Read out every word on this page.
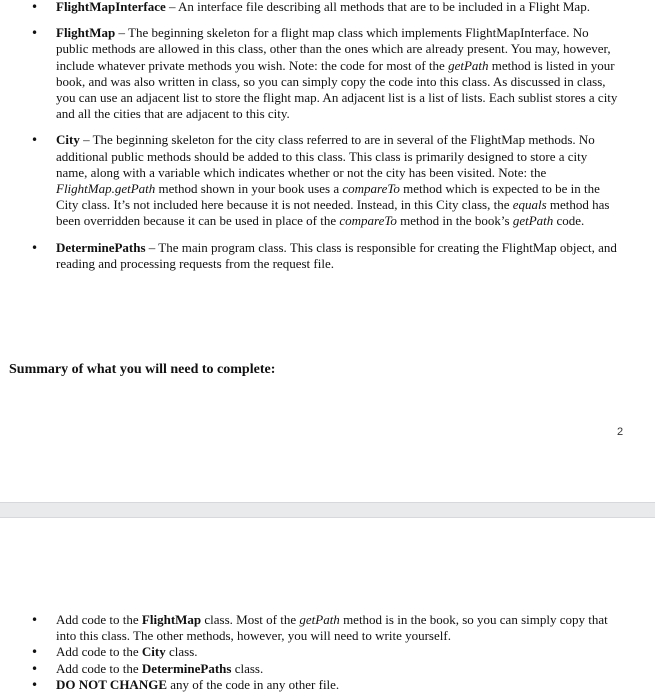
• FlightMapInterface – An interface file describing all methods that are to be included in a Flight Map.
• FlightMap – The beginning skeleton for a flight map class which implements FlightMapInterface. No public methods are allowed in this class, other than the ones which are already present. You may, however, include whatever private methods you wish. Note: the code for most of the getPath method is listed in your book, and was also written in class, so you can simply copy the code into this class. As discussed in class, you can use an adjacent list to store the flight map. An adjacent list is a list of lists. Each sublist stores a city and all the cities that are adjacent to this city.
• City – The beginning skeleton for the city class referred to are in several of the FlightMap methods. No additional public methods should be added to this class. This class is primarily designed to store a city name, along with a variable which indicates whether or not the city has been visited. Note: the FlightMap.getPath method shown in your book uses a compareTo method which is expected to be in the City class. It’s not included here because it is not needed. Instead, in this City class, the equals method has been overridden because it can be used in place of the compareTo method in the book’s getPath code.
• DeterminePaths – The main program class. This class is responsible for creating the FlightMap object, and reading and processing requests from the request file.
Summary of what you will need to complete:
2
• Add code to the FlightMap class. Most of the getPath method is in the book, so you can simply copy that into this class. The other methods, however, you will need to write yourself.
• Add code to the City class.
• Add code to the DeterminePaths class.
• DO NOT CHANGE any of the code in any other file.
